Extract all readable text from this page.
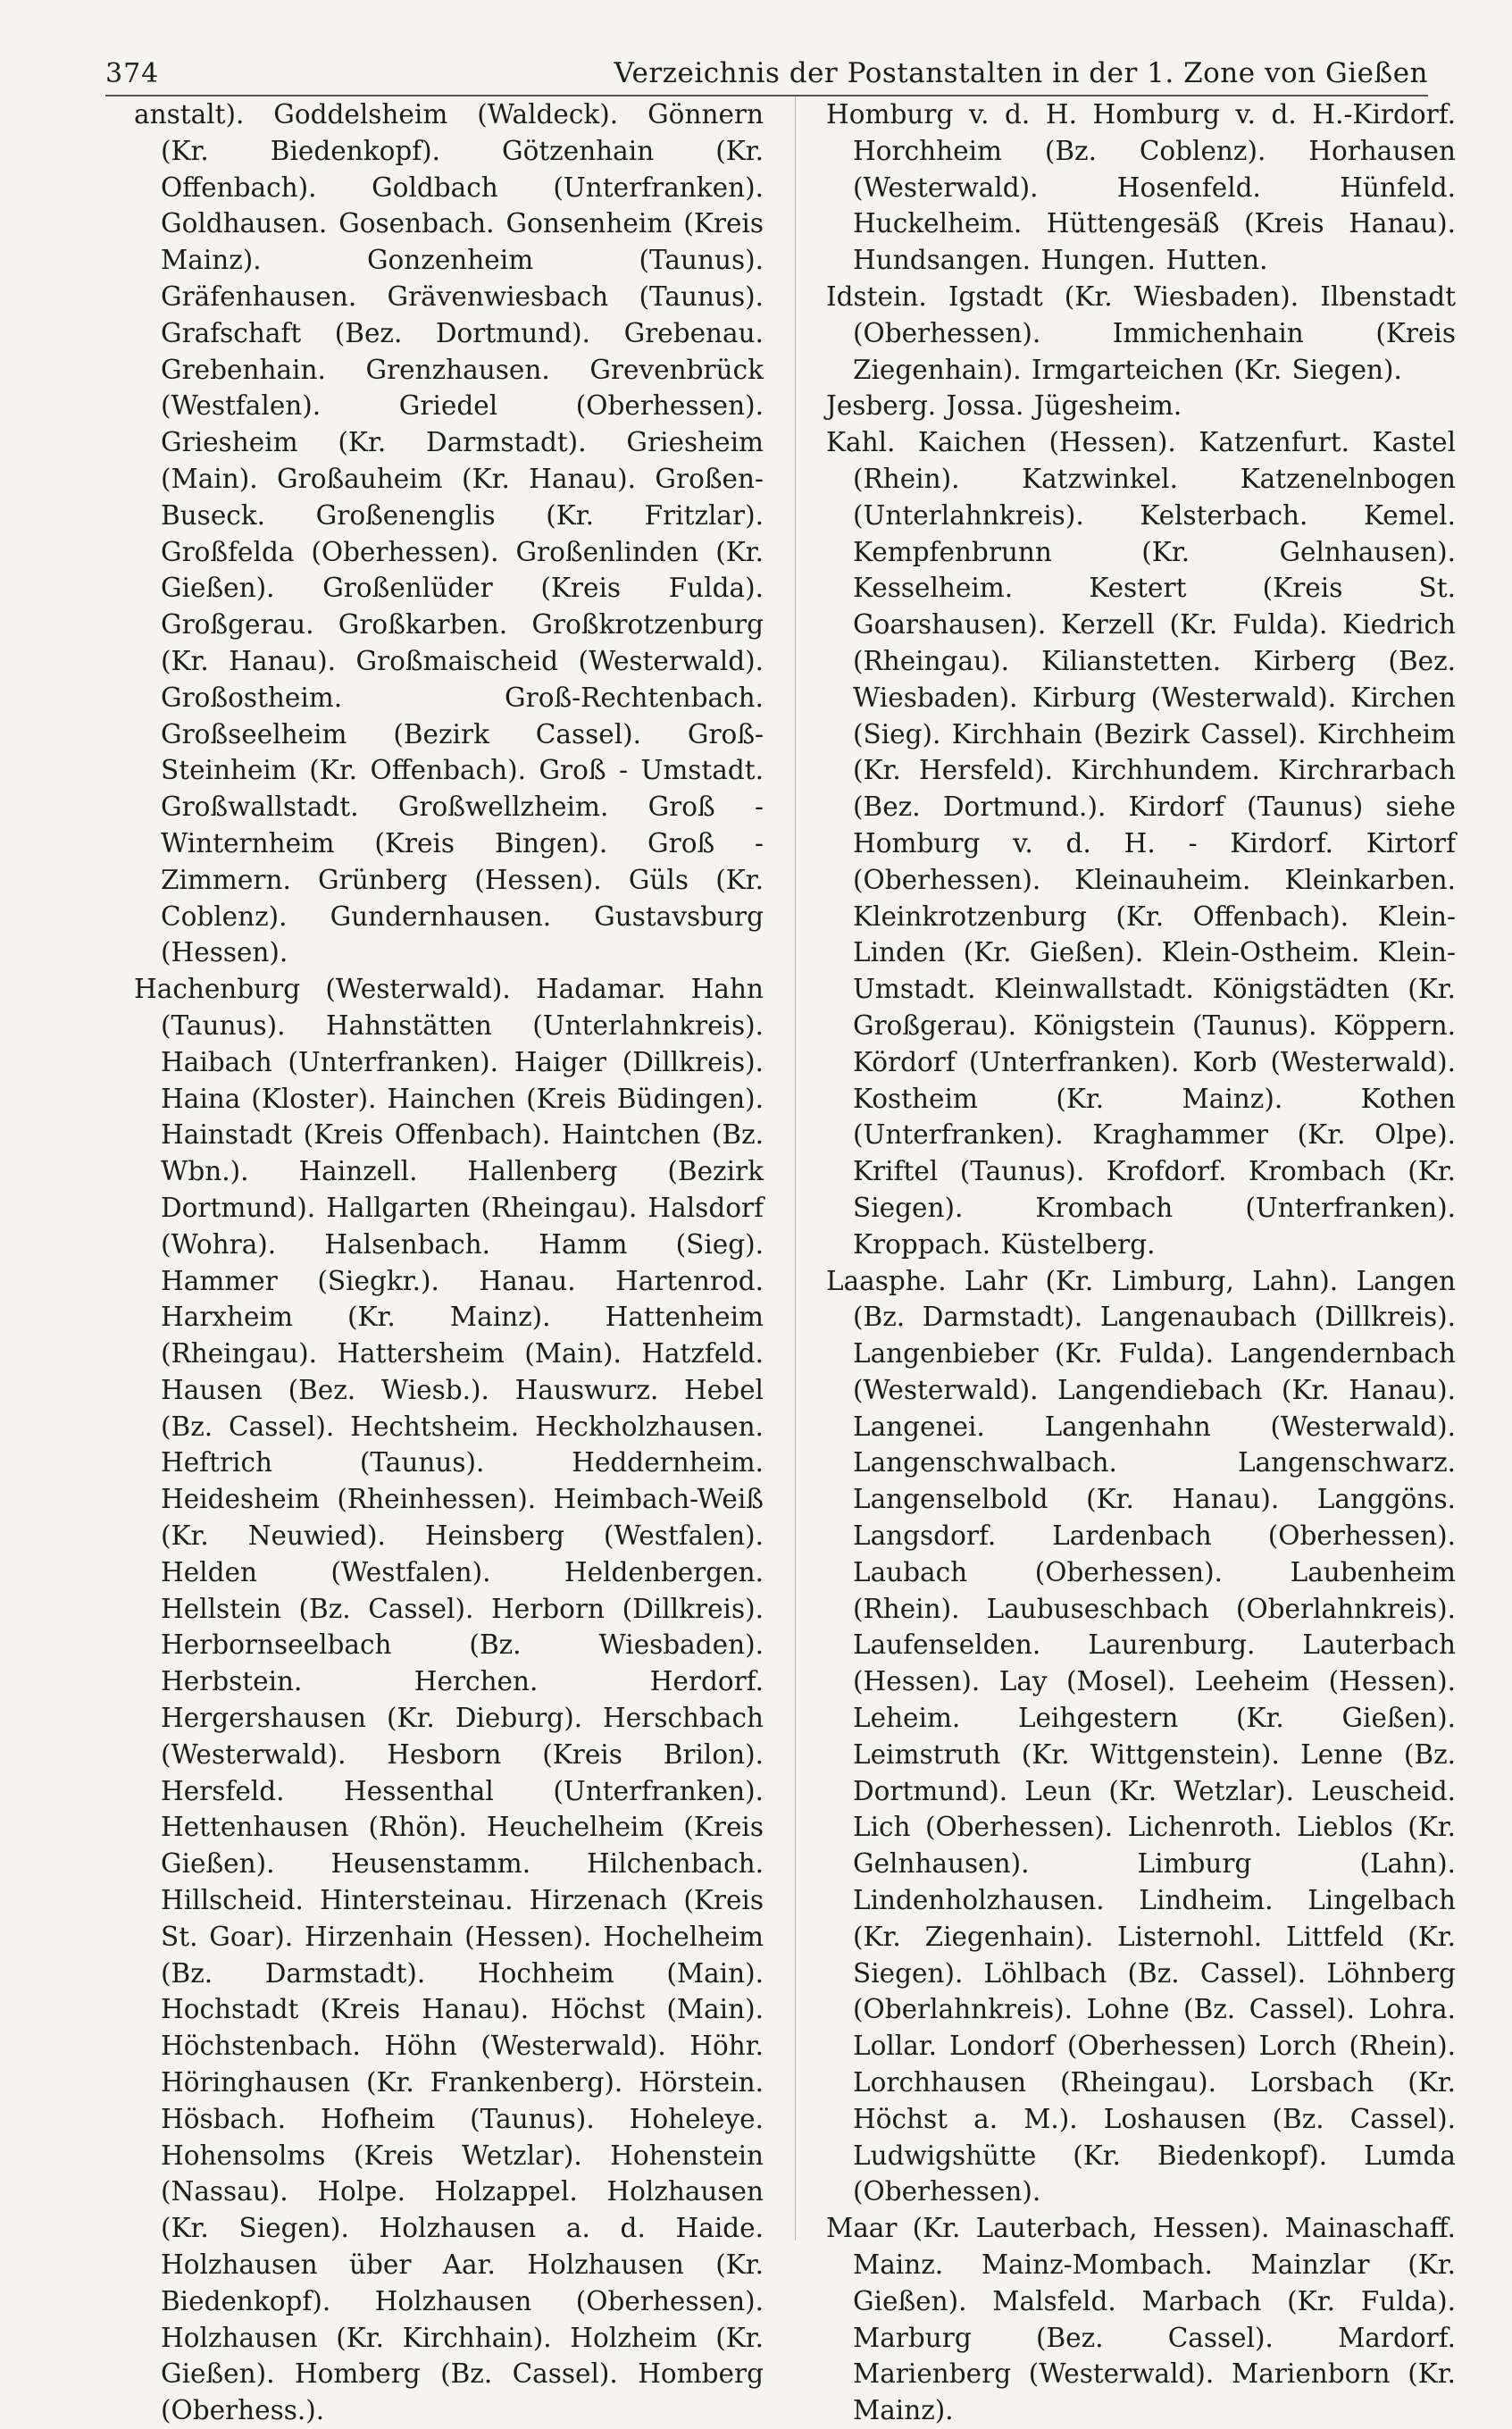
374	Verzeichnis der Postanstalten in der 1. Zone von Gießen

anstalt). Goddelsheim (Waldeck). Gönnern (Kr. Biedenkopf). Götzenhain (Kr. Offenbach). Goldbach (Unterfranken). Goldhausen. Gosenbach. Gonsenheim (Kreis Mainz). Gonzenheim (Taunus). Gräfenhausen. Grävenwiesbach (Taunus). Grafschaft (Bez. Dortmund). Grebenau. Grebenhain. Grenzhausen. Grevenbrück (Westfalen). Griedel (Oberhessen). Griesheim (Kr. Darmstadt). Griesheim (Main). Großauheim (Kr. Hanau). Großen-Buseck. Großenenglis (Kr. Fritzlar). Großfelda (Oberhessen). Großenlinden (Kr. Gießen). Großenlüder (Kreis Fulda). Großgerau. Großkarben. Großkrotzenburg (Kr. Hanau). Großmaischeid (Westerwald). Großostheim. Groß-Rechtenbach. Großseelheim (Bezirk Cassel). Groß-Steinheim (Kr. Offenbach). Groß - Umstadt. Großwallstadt. Großwellzheim. Groß - Winternheim (Kreis Bingen). Groß - Zimmern. Grünberg (Hessen). Güls (Kr. Coblenz). Gundernhausen. Gustavsburg (Hessen).

Hachenburg (Westerwald). Hadamar. Hahn (Taunus). Hahnstätten (Unterlahnkreis). Haibach (Unterfranken). Haiger (Dillkreis). Haina (Kloster). Hainchen (Kreis Büdingen). Hainstadt (Kreis Offenbach). Haintchen (Bz. Wbn.). Hainzell. Hallenberg (Bezirk Dortmund). Hallgarten (Rheingau). Halsdorf (Wohra). Halsenbach. Hamm (Sieg). Hammer (Siegkr.). Hanau. Hartenrod. Harxheim (Kr. Mainz). Hattenheim (Rheingau). Hattersheim (Main). Hatzfeld. Hausen (Bez. Wiesb.). Hauswurz. Hebel (Bz. Cassel). Hechtsheim. Heckholzhausen. Heftrich (Taunus). Heddernheim. Heidesheim (Rheinhessen). Heimbach-Weiß (Kr. Neuwied). Heinsberg (Westfalen). Helden (Westfalen). Heldenbergen. Hellstein (Bz. Cassel). Herborn (Dillkreis). Herbornseelbach (Bz. Wiesbaden). Herbstein. Herchen. Herdorf. Hergershausen (Kr. Dieburg). Herschbach (Westerwald). Hesborn (Kreis Brilon). Hersfeld. Hessenthal (Unterfranken). Hettenhausen (Rhön). Heuchelheim (Kreis Gießen). Heusenstamm. Hilchenbach. Hillscheid. Hintersteinau. Hirzenach (Kreis St. Goar). Hirzenhain (Hessen). Hochelheim (Bz. Darmstadt). Hochheim (Main). Hochstadt (Kreis Hanau). Höchst (Main). Höchstenbach. Höhn (Westerwald). Höhr. Höringhausen (Kr. Frankenberg). Hörstein. Hösbach. Hofheim (Taunus). Hoheleye. Hohensolms (Kreis Wetzlar). Hohenstein (Nassau). Holpe. Holzappel. Holzhausen (Kr. Siegen). Holzhausen a. d. Haide. Holzhausen über Aar. Holzhausen (Kr. Biedenkopf). Holzhausen (Oberhessen). Holzhausen (Kr. Kirchhain). Holzheim (Kr. Gießen). Homberg (Bz. Cassel). Homberg (Oberhess.).

Homburg v. d. H. Homburg v. d. H.-Kirdorf. Horchheim (Bz. Coblenz). Horhausen (Westerwald). Hosenfeld. Hünfeld. Huckelheim. Hüttengesäß (Kreis Hanau). Hundsangen. Hungen. Hutten.

Idstein. Igstadt (Kr. Wiesbaden). Ilbenstadt (Oberhessen). Immichenhain (Kreis Ziegenhain). Irmgarteichen (Kr. Siegen).

Jesberg. Jossa. Jügesheim.

Kahl. Kaichen (Hessen). Katzenfurt. Kastel (Rhein). Katzwinkel. Katzenelnbogen (Unterlahnkreis). Kelsterbach. Kemel. Kempfenbrunn (Kr. Gelnhausen). Kesselheim. Kestert (Kreis St. Goarshausen). Kerzell (Kr. Fulda). Kiedrich (Rheingau). Kilianstetten. Kirberg (Bez. Wiesbaden). Kirburg (Westerwald). Kirchen (Sieg). Kirchhain (Bezirk Cassel). Kirchheim (Kr. Hersfeld). Kirchhundem. Kirchrarbach (Bez. Dortmund.). Kirdorf (Taunus) siehe Homburg v. d. H. - Kirdorf. Kirtorf (Oberhessen). Kleinauheim. Kleinkarben. Kleinkrotzenburg (Kr. Offenbach). Klein-Linden (Kr. Gießen). Klein-Ostheim. Klein-Umstadt. Kleinwallstadt. Königstädten (Kr. Großgerau). Königstein (Taunus). Köppern. Kördorf (Unterfranken). Korb (Westerwald). Kostheim (Kr. Mainz). Kothen (Unterfranken). Kraghammer (Kr. Olpe). Kriftel (Taunus). Krofdorf. Krombach (Kr. Siegen). Krombach (Unterfranken). Kroppach. Küstelberg.

Laasphe. Lahr (Kr. Limburg, Lahn). Langen (Bz. Darmstadt). Langenaubach (Dillkreis). Langenbieber (Kr. Fulda). Langendernbach (Westerwald). Langendiebach (Kr. Hanau). Langenei. Langenhahn (Westerwald). Langenschwalbach. Langenschwarz. Langenselbold (Kr. Hanau). Langgöns. Langsdorf. Lardenbach (Oberhessen). Laubach (Oberhessen). Laubenheim (Rhein). Laubuseschbach (Oberlahnkreis). Laufenselden. Laurenburg. Lauterbach (Hessen). Lay (Mosel). Leeheim (Hessen). Leheim. Leihgestern (Kr. Gießen). Leimstruth (Kr. Wittgenstein). Lenne (Bz. Dortmund). Leun (Kr. Wetzlar). Leuscheid. Lich (Oberhessen). Lichenroth. Lieblos (Kr. Gelnhausen). Limburg (Lahn). Lindenholzhausen. Lindheim. Lingelbach (Kr. Ziegenhain). Listernohl. Littfeld (Kr. Siegen). Löhlbach (Bz. Cassel). Löhnberg (Oberlahnkreis). Lohne (Bz. Cassel). Lohra. Lollar. Londorf (Oberhessen) Lorch (Rhein). Lorchhausen (Rheingau). Lorsbach (Kr. Höchst a. M.). Loshausen (Bz. Cassel). Ludwigshütte (Kr. Biedenkopf). Lumda (Oberhessen).

Maar (Kr. Lauterbach, Hessen). Mainaschaff. Mainz. Mainz-Mombach. Mainzlar (Kr. Gießen). Malsfeld. Marbach (Kr. Fulda). Marburg (Bez. Cassel). Mardorf. Marienberg (Westerwald). Marienborn (Kr. Mainz).
